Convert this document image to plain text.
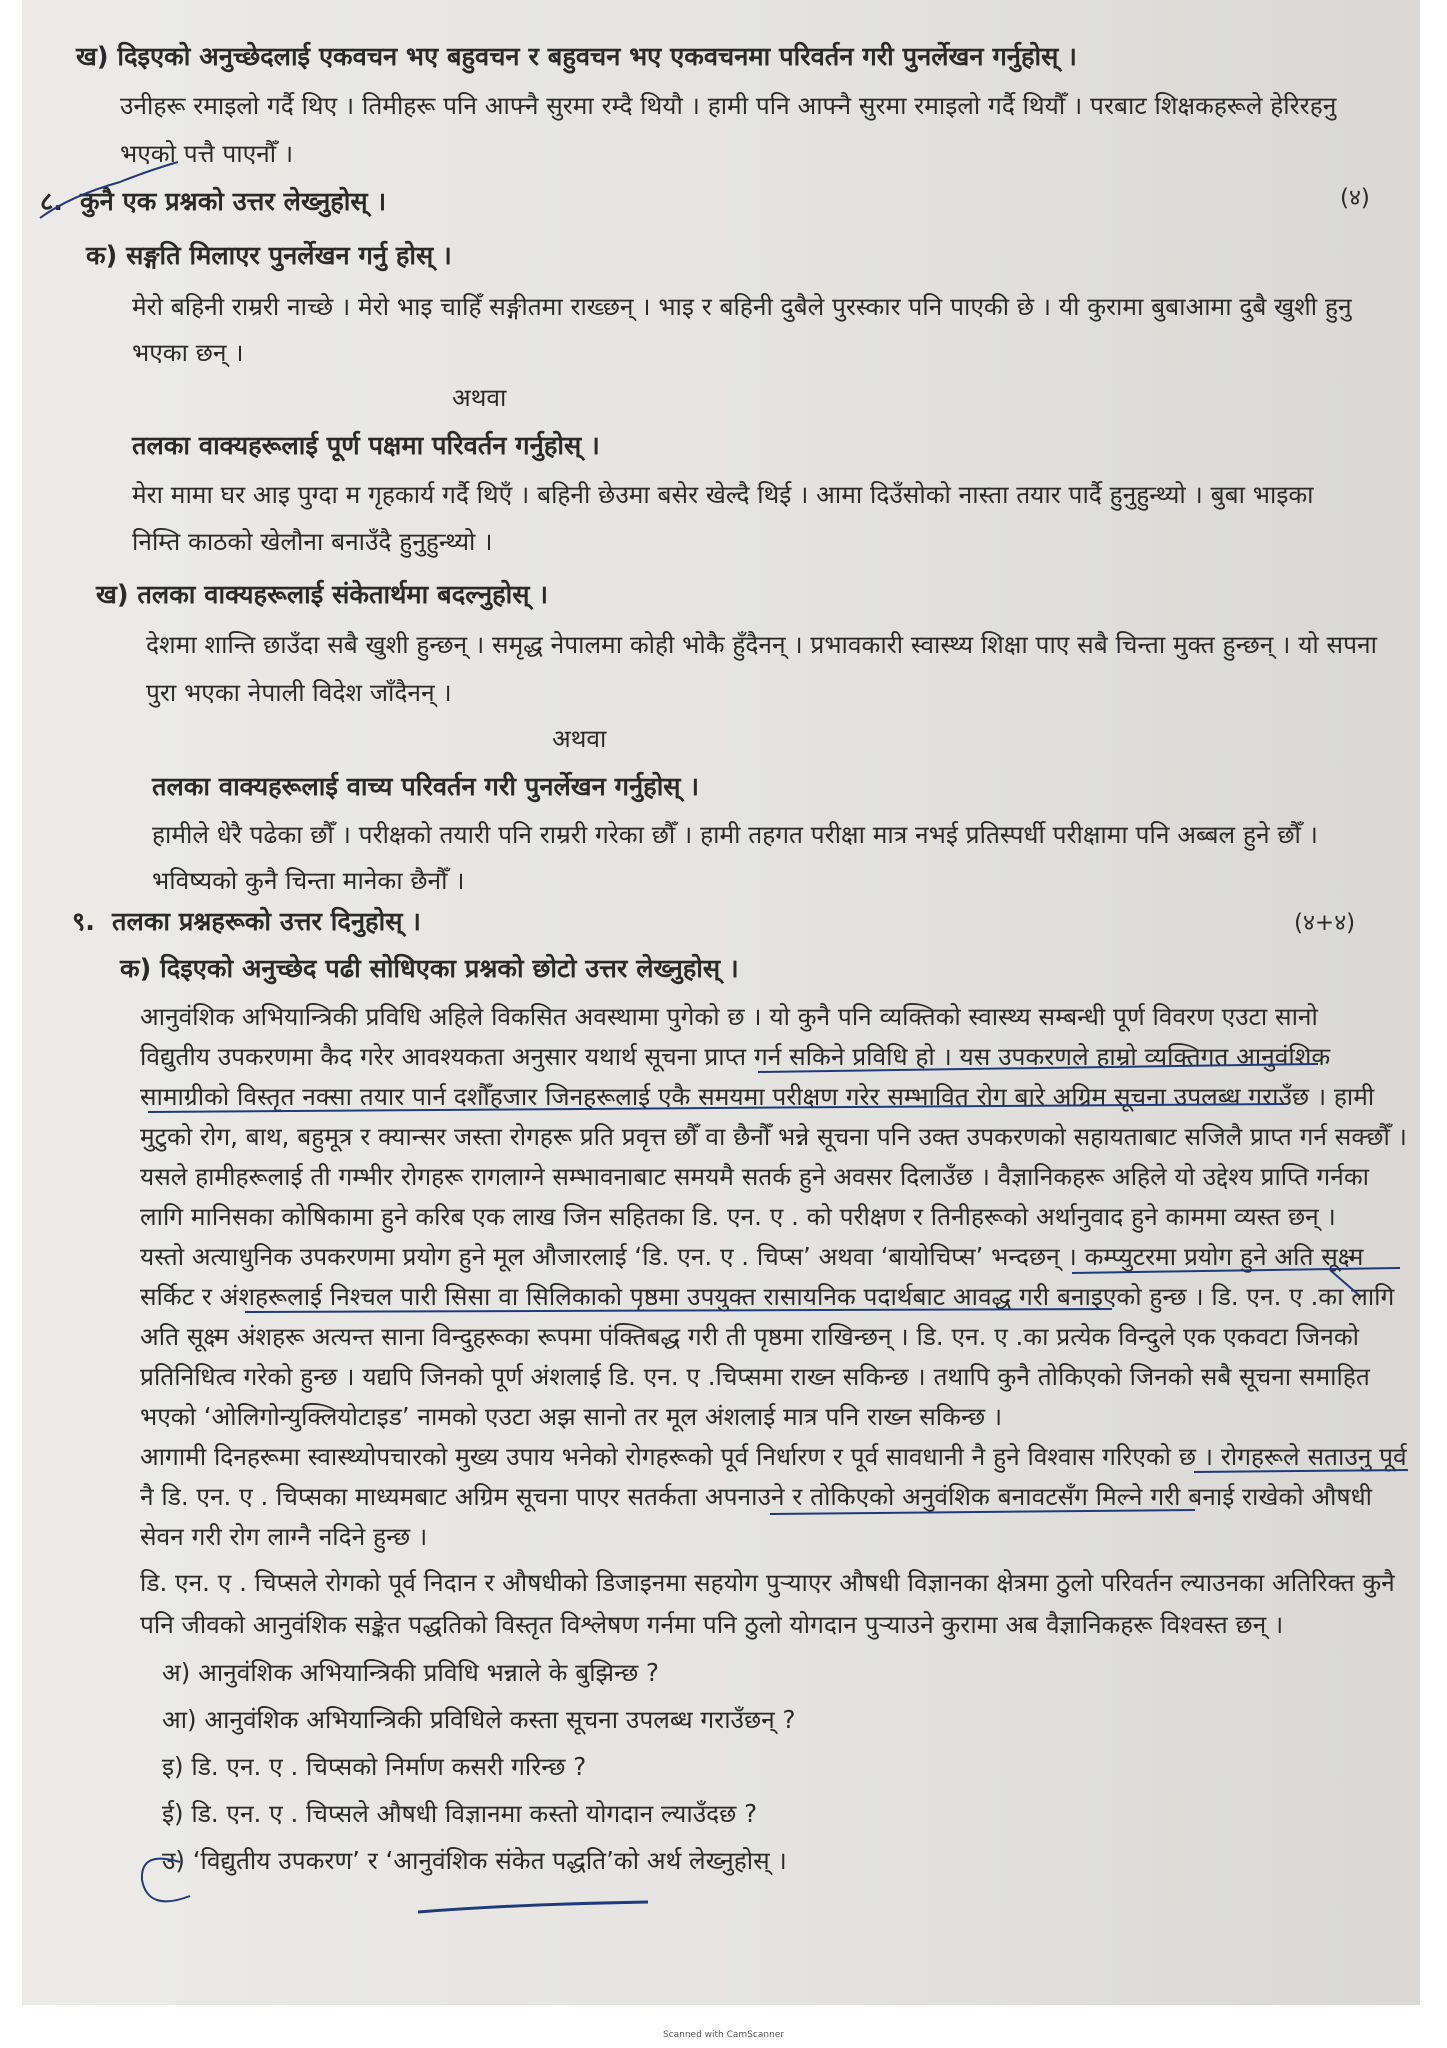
ख) दिइएको अनुच्छेदलाई एकवचन भए बहुवचन र बहुवचन भए एकवचनमा परिवर्तन गरी पुनर्लेखन गर्नुहोस् ।
उनीहरू रमाइलो गर्दै थिए । तिमीहरू पनि आफ्नै सुरमा रम्दै थियौ । हामी पनि आफ्नै सुरमा रमाइलो गर्दै थियौँ । परबाट शिक्षकहरूले हेरिरहनु
भएको पत्तै पाएनौँ ।
८. कुनै एक प्रश्नको उत्तर लेख्नुहोस् ।	(४)
क) सङ्गति मिलाएर पुनर्लेखन गर्नु होस् ।
मेरो बहिनी राम्ररी नाच्छे । मेरो भाइ चाहिँ सङ्गीतमा राख्छन् । भाइ र बहिनी दुबैले पुरस्कार पनि पाएकी छे । यी कुरामा बुबाआमा दुबै खुशी हुनु
भएका छन् ।
अथवा
तलका वाक्यहरूलाई पूर्ण पक्षमा परिवर्तन गर्नुहोस् ।
मेरा मामा घर आइ पुग्दा म गृहकार्य गर्दै थिएँ । बहिनी छेउमा बसेर खेल्दै थिई । आमा दिउँसोको नास्ता तयार पार्दै हुनुहुन्थ्यो । बुबा भाइका
निम्ति काठको खेलौना बनाउँदै हुनुहुन्थ्यो ।
ख) तलका वाक्यहरूलाई संकेतार्थमा बदल्नुहोस् ।
देशमा शान्ति छाउँदा सबै खुशी हुन्छन् । समृद्ध नेपालमा कोही भोकै हुँदैनन् । प्रभावकारी स्वास्थ्य शिक्षा पाए सबै चिन्ता मुक्त हुन्छन् । यो सपना
पुरा भएका नेपाली विदेश जाँदैनन् ।
अथवा
तलका वाक्यहरूलाई वाच्य परिवर्तन गरी पुनर्लेखन गर्नुहोस् ।
हामीले धेरै पढेका छौँ । परीक्षको तयारी पनि राम्ररी गरेका छौँ । हामी तहगत परीक्षा मात्र नभई प्रतिस्पर्धी परीक्षामा पनि अब्बल हुने छौँ ।
भविष्यको कुनै चिन्ता मानेका छैनौँ ।
९. तलका प्रश्नहरूको उत्तर दिनुहोस् ।	(४+४)
क) दिइएको अनुच्छेद पढी सोधिएका प्रश्नको छोटो उत्तर लेख्नुहोस् ।
आनुवंशिक अभियान्त्रिकी प्रविधि अहिले विकसित अवस्थामा पुगेको छ । यो कुनै पनि व्यक्तिको स्वास्थ्य सम्बन्धी पूर्ण विवरण एउटा सानो
विद्युतीय उपकरणमा कैद गरेर आवश्यकता अनुसार यथार्थ सूचना प्राप्त गर्न सकिने प्रविधि हो । यस उपकरणले हाम्रो व्यक्तिगत आनुवंशिक
सामाग्रीको विस्तृत नक्सा तयार पार्न दशौँहजार जिनहरूलाई एकै समयमा परीक्षण गरेर सम्भावित रोग बारे अग्रिम सूचना उपलब्ध गराउँछ । हामी
मुटुको रोग, बाथ, बहुमूत्र र क्यान्सर जस्ता रोगहरू प्रति प्रवृत्त छौँ वा छैनौँ भन्ने सूचना पनि उक्त उपकरणको सहायताबाट सजिलै प्राप्त गर्न सक्छौँ ।
यसले हामीहरूलाई ती गम्भीर रोगहरू रागलाग्ने सम्भावनाबाट समयमै सतर्क हुने अवसर दिलाउँछ । वैज्ञानिकहरू अहिले यो उद्देश्य प्राप्ति गर्नका
लागि मानिसका कोषिकामा हुने करिब एक लाख जिन सहितका डि. एन. ए . को परीक्षण र तिनीहरूको अर्थानुवाद हुने काममा व्यस्त छन् ।
यस्तो अत्याधुनिक उपकरणमा प्रयोग हुने मूल औजारलाई ‘डि. एन. ए . चिप्स’ अथवा ‘बायोचिप्स’ भन्दछन् । कम्प्युटरमा प्रयोग हुने अति सूक्ष्म
सर्किट र अंशहरूलाई निश्चल पारी सिसा वा सिलिकाको पृष्ठमा उपयुक्त रासायनिक पदार्थबाट आवद्ध गरी बनाइएको हुन्छ । डि. एन. ए .का लागि
अति सूक्ष्म अंशहरू अत्यन्त साना विन्दुहरूका रूपमा पंक्तिबद्ध गरी ती पृष्ठमा राखिन्छन् । डि. एन. ए .का प्रत्येक विन्दुले एक एकवटा जिनको
प्रतिनिधित्व गरेको हुन्छ । यद्यपि जिनको पूर्ण अंशलाई डि. एन. ए .चिप्समा राख्न सकिन्छ । तथापि कुनै तोकिएको जिनको सबै सूचना समाहित
भएको ‘ओलिगोन्युक्लियोटाइड’ नामको एउटा अझ सानो तर मूल अंशलाई मात्र पनि राख्न सकिन्छ ।
आगामी दिनहरूमा स्वास्थ्योपचारको मुख्य उपाय भनेको रोगहरूको पूर्व निर्धारण र पूर्व सावधानी नै हुने विश्वास गरिएको छ । रोगहरूले सताउनु पूर्व
नै डि. एन. ए . चिप्सका माध्यमबाट अग्रिम सूचना पाएर सतर्कता अपनाउने र तोकिएको अनुवंशिक बनावटसँग मिल्ने गरी बनाई राखेको औषधी
सेवन गरी रोग लाग्नै नदिने हुन्छ ।
डि. एन. ए . चिप्सले रोगको पूर्व निदान र औषधीको डिजाइनमा सहयोग पुऱ्याएर औषधी विज्ञानका क्षेत्रमा ठुलो परिवर्तन ल्याउनका अतिरिक्त कुनै
पनि जीवको आनुवंशिक सङ्केत पद्धतिको विस्तृत विश्लेषण गर्नमा पनि ठुलो योगदान पुऱ्याउने कुरामा अब वैज्ञानिकहरू विश्वस्त छन् ।
अ) आनुवंशिक अभियान्त्रिकी प्रविधि भन्नाले के बुझिन्छ ?
आ) आनुवंशिक अभियान्त्रिकी प्रविधिले कस्ता सूचना उपलब्ध गराउँछन् ?
इ) डि. एन. ए . चिप्सको निर्माण कसरी गरिन्छ ?
ई) डि. एन. ए . चिप्सले औषधी विज्ञानमा कस्तो योगदान ल्याउँदछ ?
उ) ‘विद्युतीय उपकरण’ र ‘आनुवंशिक संकेत पद्धति’को अर्थ लेख्नुहोस् ।
Scanned with CamScanner
